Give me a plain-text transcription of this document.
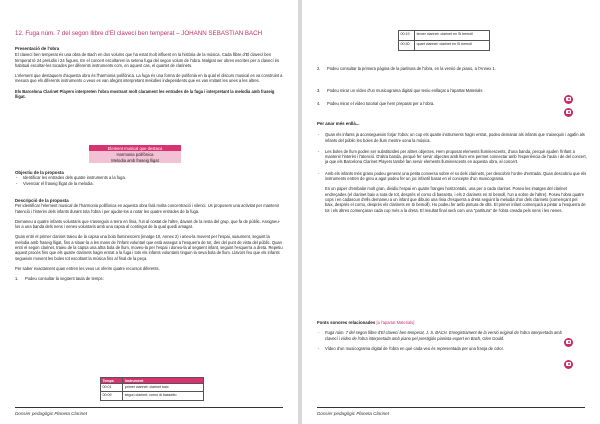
12. Fuga núm. 7 del segon llibre d'El clavecí ben temperat – JOHANN SEBASTIAN BACH
Presentació de l'obra
El clavecí ben temperat és una obra de Bach en dos volums que ha estat molt influent en la història de la música. Cada llibre d'El clavecí ben temperat té 24 preludis i 24 fugues. En el concert escoltarem la setena fuga del segon volum de l'obra. Malgrat ser obres escrites per a clavecí és habitual escoltar-les tocades per diferents instruments com, en aquest cas, el quartet de clarinets.
L'element que destaquem d'aquesta obra és l'harmonia polifònica. La fuga és una forma de polifonia en la qual el discurs musical es va construint a mesura que els diferents instruments o veus es van afegint interpretant melodies independents que es van imitant les unes a les altres.
Els Barcelona Clarinet Players interpreten l'obra mostrant molt clarament les entrades de la fuga i interpretant la melodia amb fraseig lligat.
Element musical que destaca
Harmonia polifònica
Melodia amb fraseig lligat
Objectiu de la proposta
- Identificar les entrades dels quatre instruments a la fuga.
- Vivenciar el fraseig lligat de la melodia.
Descripció de la proposta
Per identificar l'element musical de l'harmonia polifònica en aquesta obra farà molta concentració i silenci. Us proposem una activitat per mantenir l'atenció i l'interès dels infants durant tota l'obra i per ajudar-los a notar les quatre entrades de la fuga.
Demaneu a quatre infants voluntaris que s'asseguin a terra en línia, l'un al costat de l'altre, davant de la resta del grup, que fa de públic. Assigneu-los a una banda dels nens i nenes voluntaris amb una capsa al contingut de la qual quedi amagat.
Quan entri el primer clarinet traieu de la capsa una bola lluminescent (imatge 10, Annex 2) i aneu-la movent per l'espai, suaument, seguint la melodia amb fraseig lligat, fins a situar-la a les mans de l'infant voluntari que està assegut a l'esquerra de tot, des del punt de vista del públic. Quan entri el segon clarinet, traieu de la capsa una altra bola de llum, moveu-la per l'espai i doneu-la al següent infant, seguint l'esquerra a dreta. Repetiu aquest procés fins que els quatre clarinets hagin entrat a la fuga i tots els infants voluntaris tinguin la seva bola de llum. Llavors feu que els infants segueixin movent les boles tot escoltant la música fins al final de la peça.
Per saber exactament quan entren les veus us oferim quatre recursos diferents.
1. Podeu consultar la següent taula de temps:
Temps	Instrument
00:01	primer clarinet: clarinet baix
00:09	segon clarinet: corno di bassetto
Dossier pedagògic Planeta Clarinet
00:19	tercer clarinet: clarinet en Si bemoll
00:30	quart clarinet: clarinet en Si bemoll
2. Podeu consultar la primera pàgina de la partitura de l'obra, en la versió de piano, a l'Annex 1.
3. Podeu mirar un vídeo d'un musicograma digital que teniu enllaçat a l'apartat Materials
4. Podeu mirar el vídeo tutorial que hem preparat per a l'obra.
Per anar més enllà...
- Quan els infants ja aconsegueixin forjar l'obra: un cop els quatre instruments hagin entrat, podeu demanar als infants que s'aixequin i agafin als infants del públic les boles de llum mentre sona la música.
- Les boles de llum poden ser substituïdes per altres objectes. Hem proposat elements lluminescents, d'una banda, perquè ajuden l'infant a mantenir l'interès i l'atenció. D'altra banda, perquè fer servir objectes amb llum ens permet connectar amb l'experiència de l'aula i de del concert, ja que els Barcelona Clarinet Players també fan servir elements lluminescents en aquesta obra, al concert.
- Amb els infants més grans podeu generar una petita conversa sobre el so dels clarinets, per descobrir l'ordre d'entrada. Quan descobriu que els instruments entren de greu a agut podeu fer un joc infantil basat en el concepte d'un musicograma.
En un paper d'embalar molt gran, dividiu l'espai en quatre franges horitzontals, una per a cada clarinet. Poseu les imatges del clarinet endreçades (el clarinet baix a sota de tot, després el corno di bassetto, i els 2 clarinets en Si bemoll, l'un a sobre de l'altre). Poseu l'obra quatre cops i en cadascun d'ells demaneu a un infant que dibuixi una línia d'esquerra a dreta seguint la melodia d'un dels clarinets (començant pel baix, després el corno, després els clarinets en Si bemoll). Ho podeu fer amb pintura de dits. El primer infant començarà a pintar a l'esquerra de tot i els altres començaran cada cop més a la dreta. El resultat final serà com una "partitura" de l'obra creada pels nens i les nenes.
Fonts sonores relacionades [a l'apartat Materials]
- Fuga núm. 7 del segon llibre d'El clavecí ben temperat, J. S. BACH. Enregistrament de la versió original de l'obra interpretada amb clavecí i vídeo de l'obra interpretada amb piano pel prestigiós pianista expert en Bach, Glen Gould.
- Vídeo d'un musicograma digital de l'obra en què cada veu és representada per una franja de color.
Dossier pedagògic Planeta Clarinet
